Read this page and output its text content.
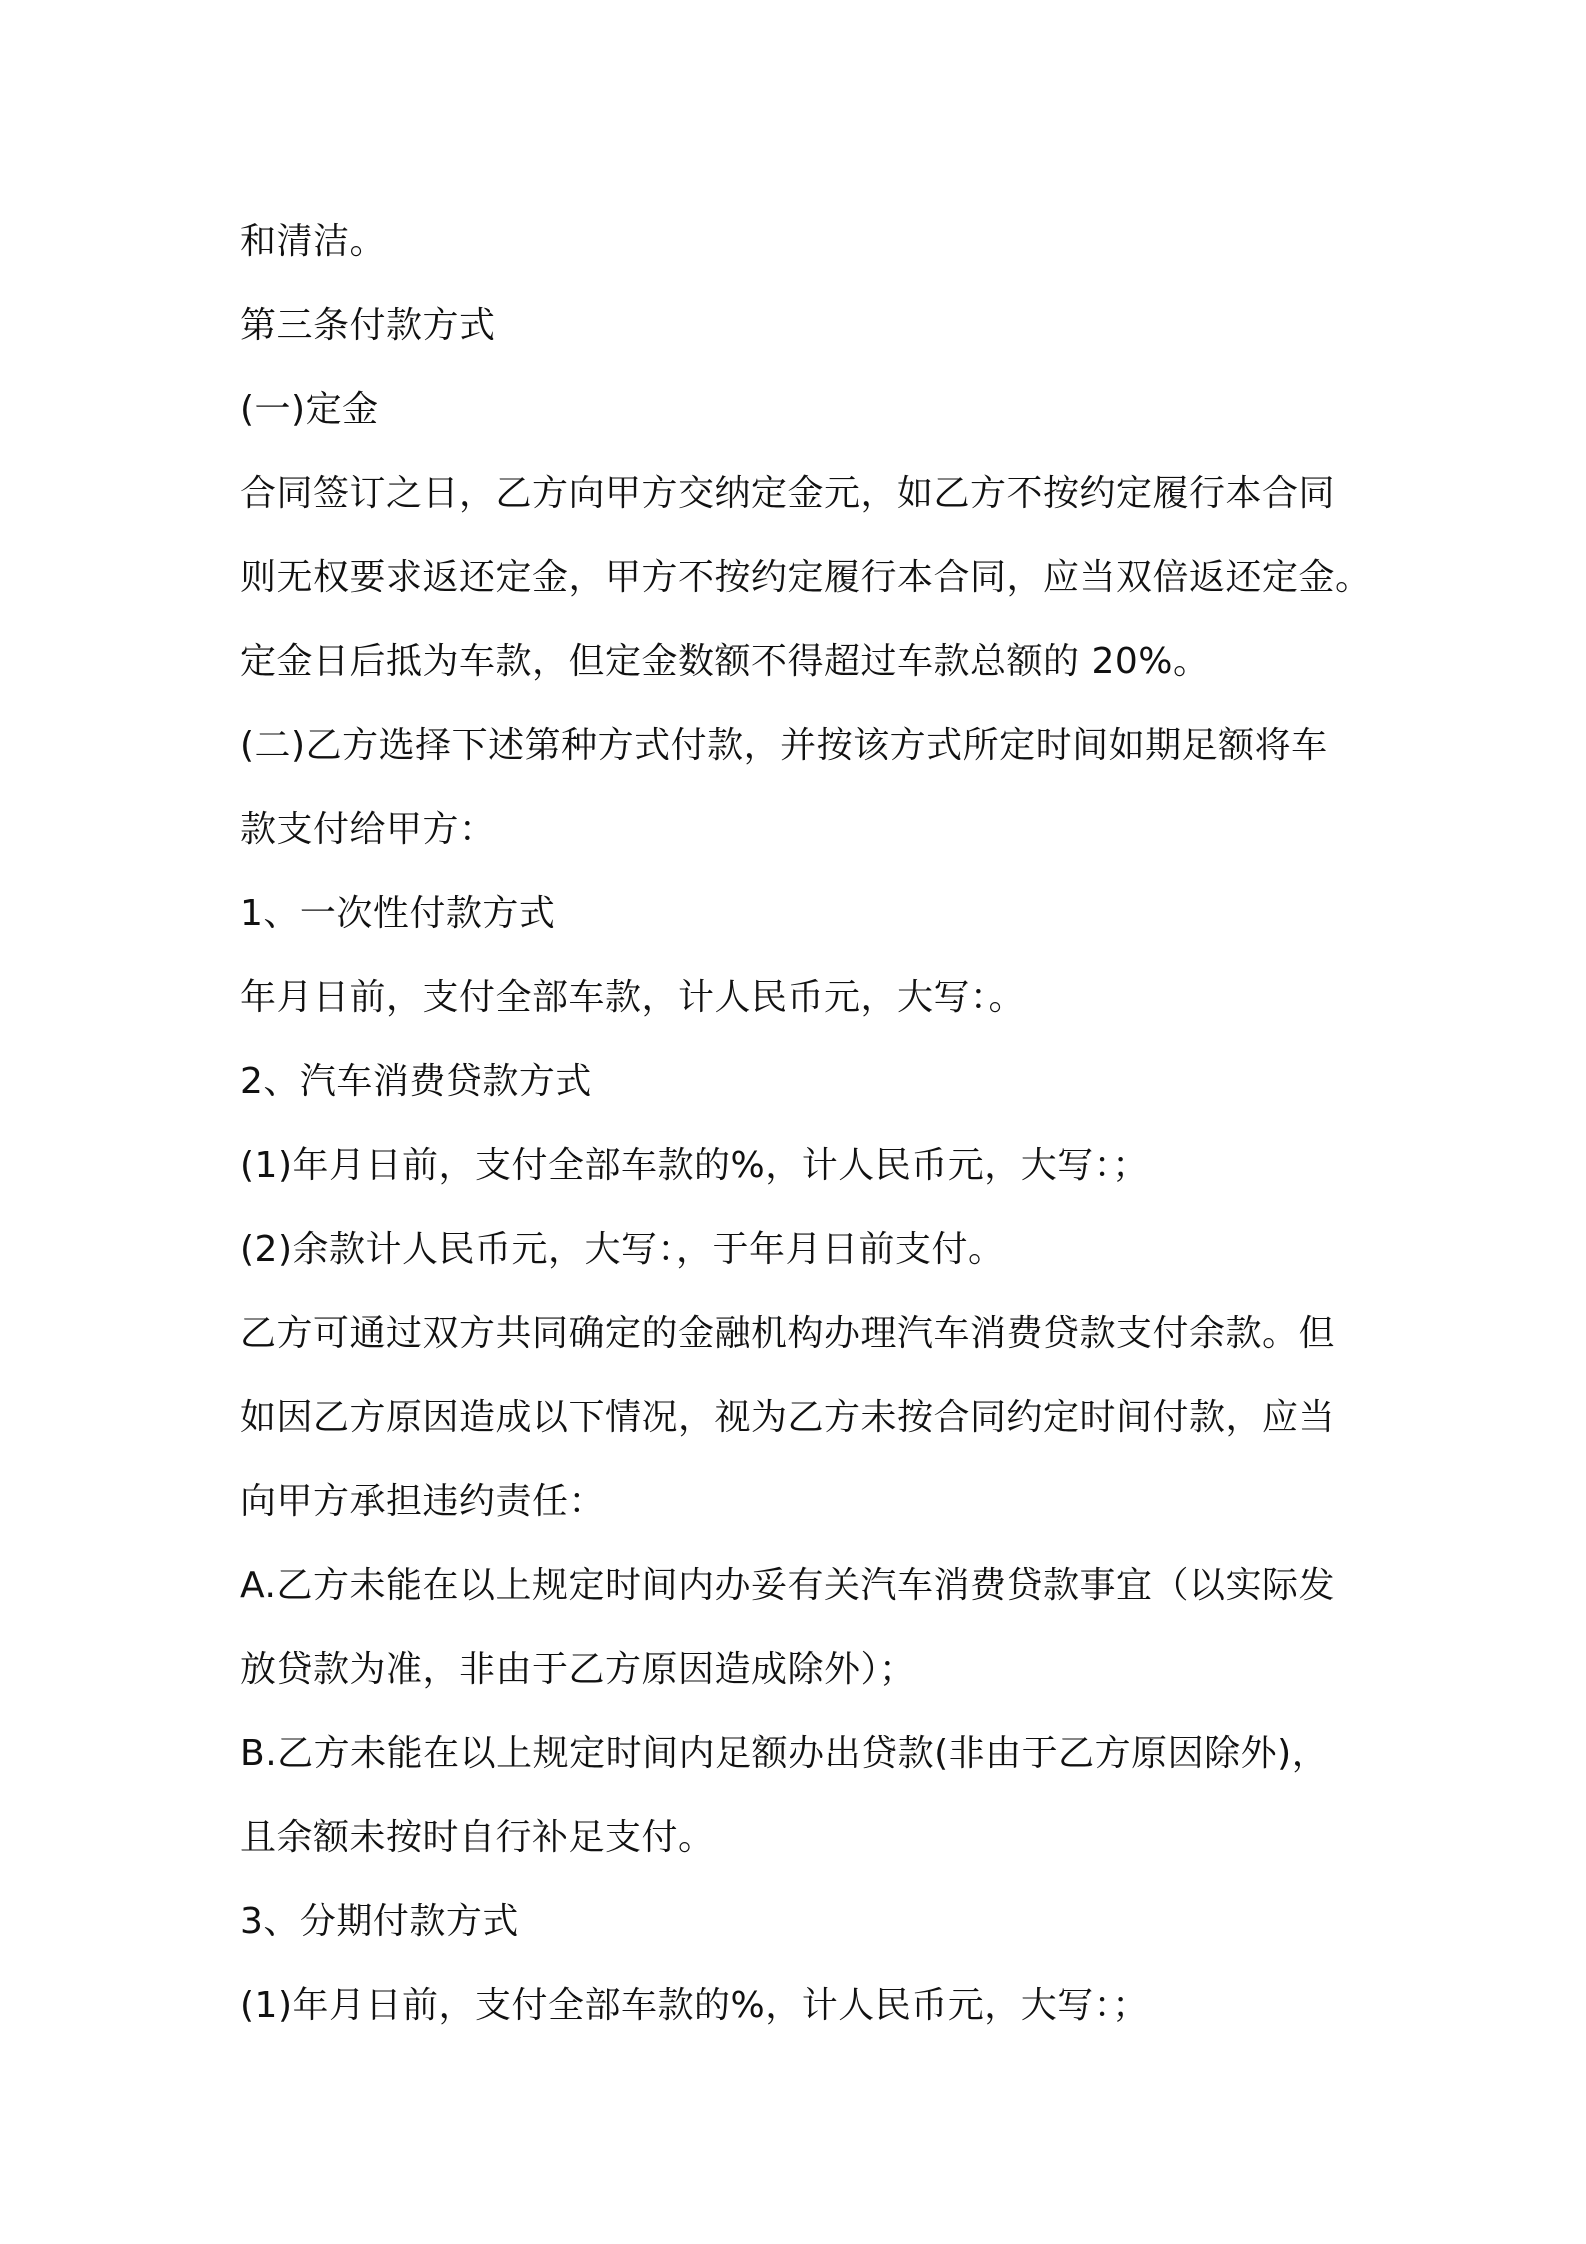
和清洁。
第三条付款方式
(一)定金
合同签订之日，乙方向甲方交纳定金元，如乙方不按约定履行本合同
则无权要求返还定金，甲方不按约定履行本合同，应当双倍返还定金。
定金日后抵为车款，但定金数额不得超过车款总额的 20%。
(二)乙方选择下述第种方式付款，并按该方式所定时间如期足额将车
款支付给甲方：
1、一次性付款方式
年月日前，支付全部车款，计人民币元，大写：。
2、汽车消费贷款方式
(1)年月日前，支付全部车款的%，计人民币元，大写：；
(2)余款计人民币元，大写：，于年月日前支付。
乙方可通过双方共同确定的金融机构办理汽车消费贷款支付余款。但
如因乙方原因造成以下情况，视为乙方未按合同约定时间付款，应当
向甲方承担违约责任：
A.乙方未能在以上规定时间内办妥有关汽车消费贷款事宜（以实际发
放贷款为准，非由于乙方原因造成除外）；
B.乙方未能在以上规定时间内足额办出贷款(非由于乙方原因除外)，
且余额未按时自行补足支付。
3、分期付款方式
(1)年月日前，支付全部车款的%，计人民币元，大写：；
